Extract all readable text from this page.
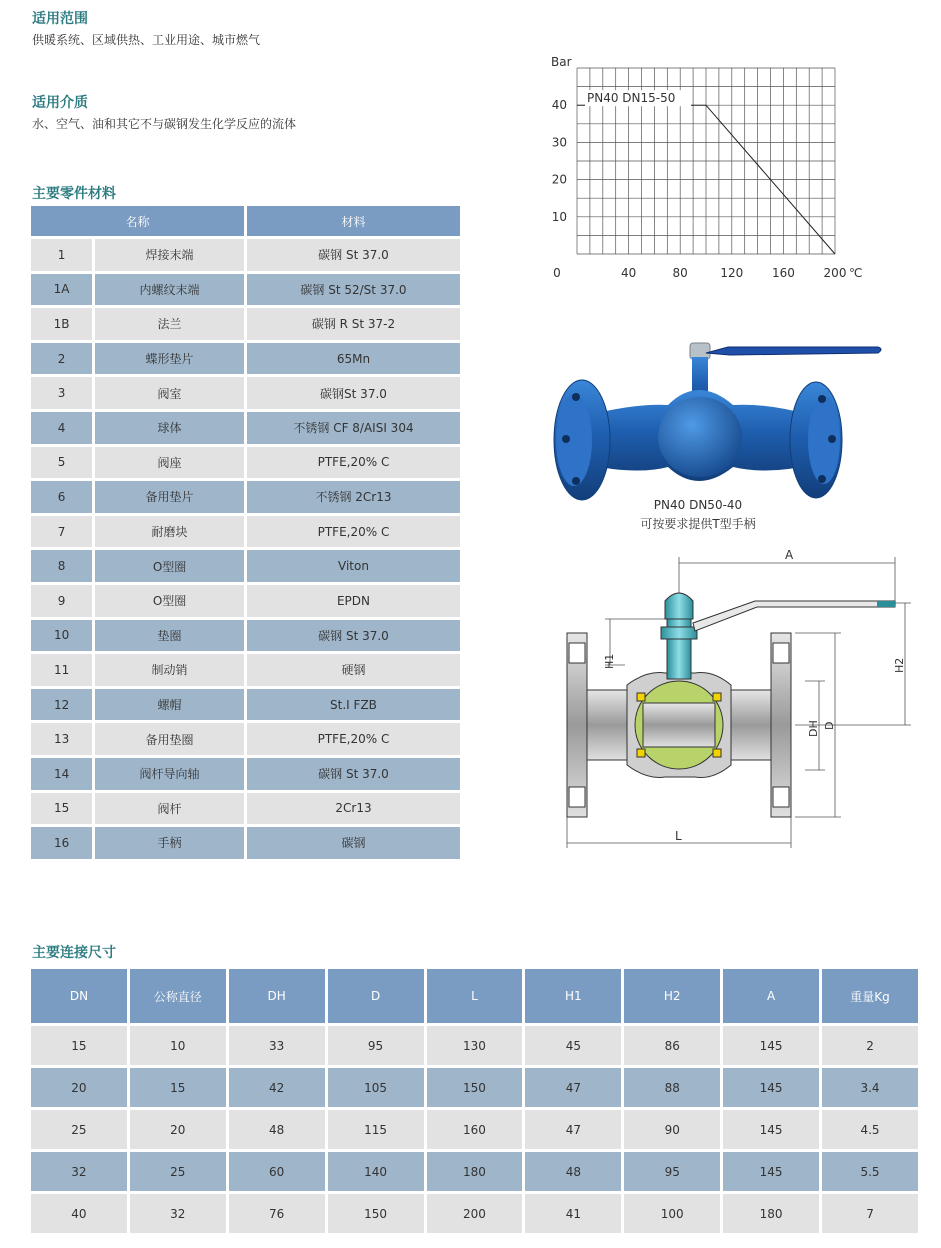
适用范围
供暖系统、区域供热、工业用途、城市燃气
适用介质
水、空气、油和其它不与碳钢发生化学反应的流体
主要零件材料
名称		材料
1	焊接末端	碳钢 St 37.0
1A	内螺纹末端	碳钢 St 52/St 37.0
1B	法兰	碳钢 R St 37-2
2	蝶形垫片	65Mn
3	阀室	碳钢St 37.0
4	球体	不锈钢 CF 8/AISI 304
5	阀座	PTFE,20% C
6	备用垫片	不锈钢 2Cr13
7	耐磨块	PTFE,20% C
8	O型圈	Viton
9	O型圈	EPDN
10	垫圈	碳钢 St 37.0
11	制动销	硬钢
12	螺帽	St.I FZB
13	备用垫圈	PTFE,20% C
14	阀杆导向轴	碳钢 St 37.0
15	阀杆	2Cr13
16	手柄	碳钢
Bar
10
20
30
40
0	40	80	120 160 200 ℃
PN40 DN15-50
PN40 DN50-40
可按要求提供T型手柄
A
H1	H2
DH D
L
主要连接尺寸
DN	公称直径	DH	D	L	H1	H2	A	重量Kg
15	10	33	95	130	45	86	145	2
20	15	42	105	150	47	88	145	3.4
25	20	48	115	160	47	90	145	4.5
32	25	60	140	180	48	95	145	5.5
40	32	76	150	200	41	100	180	7
